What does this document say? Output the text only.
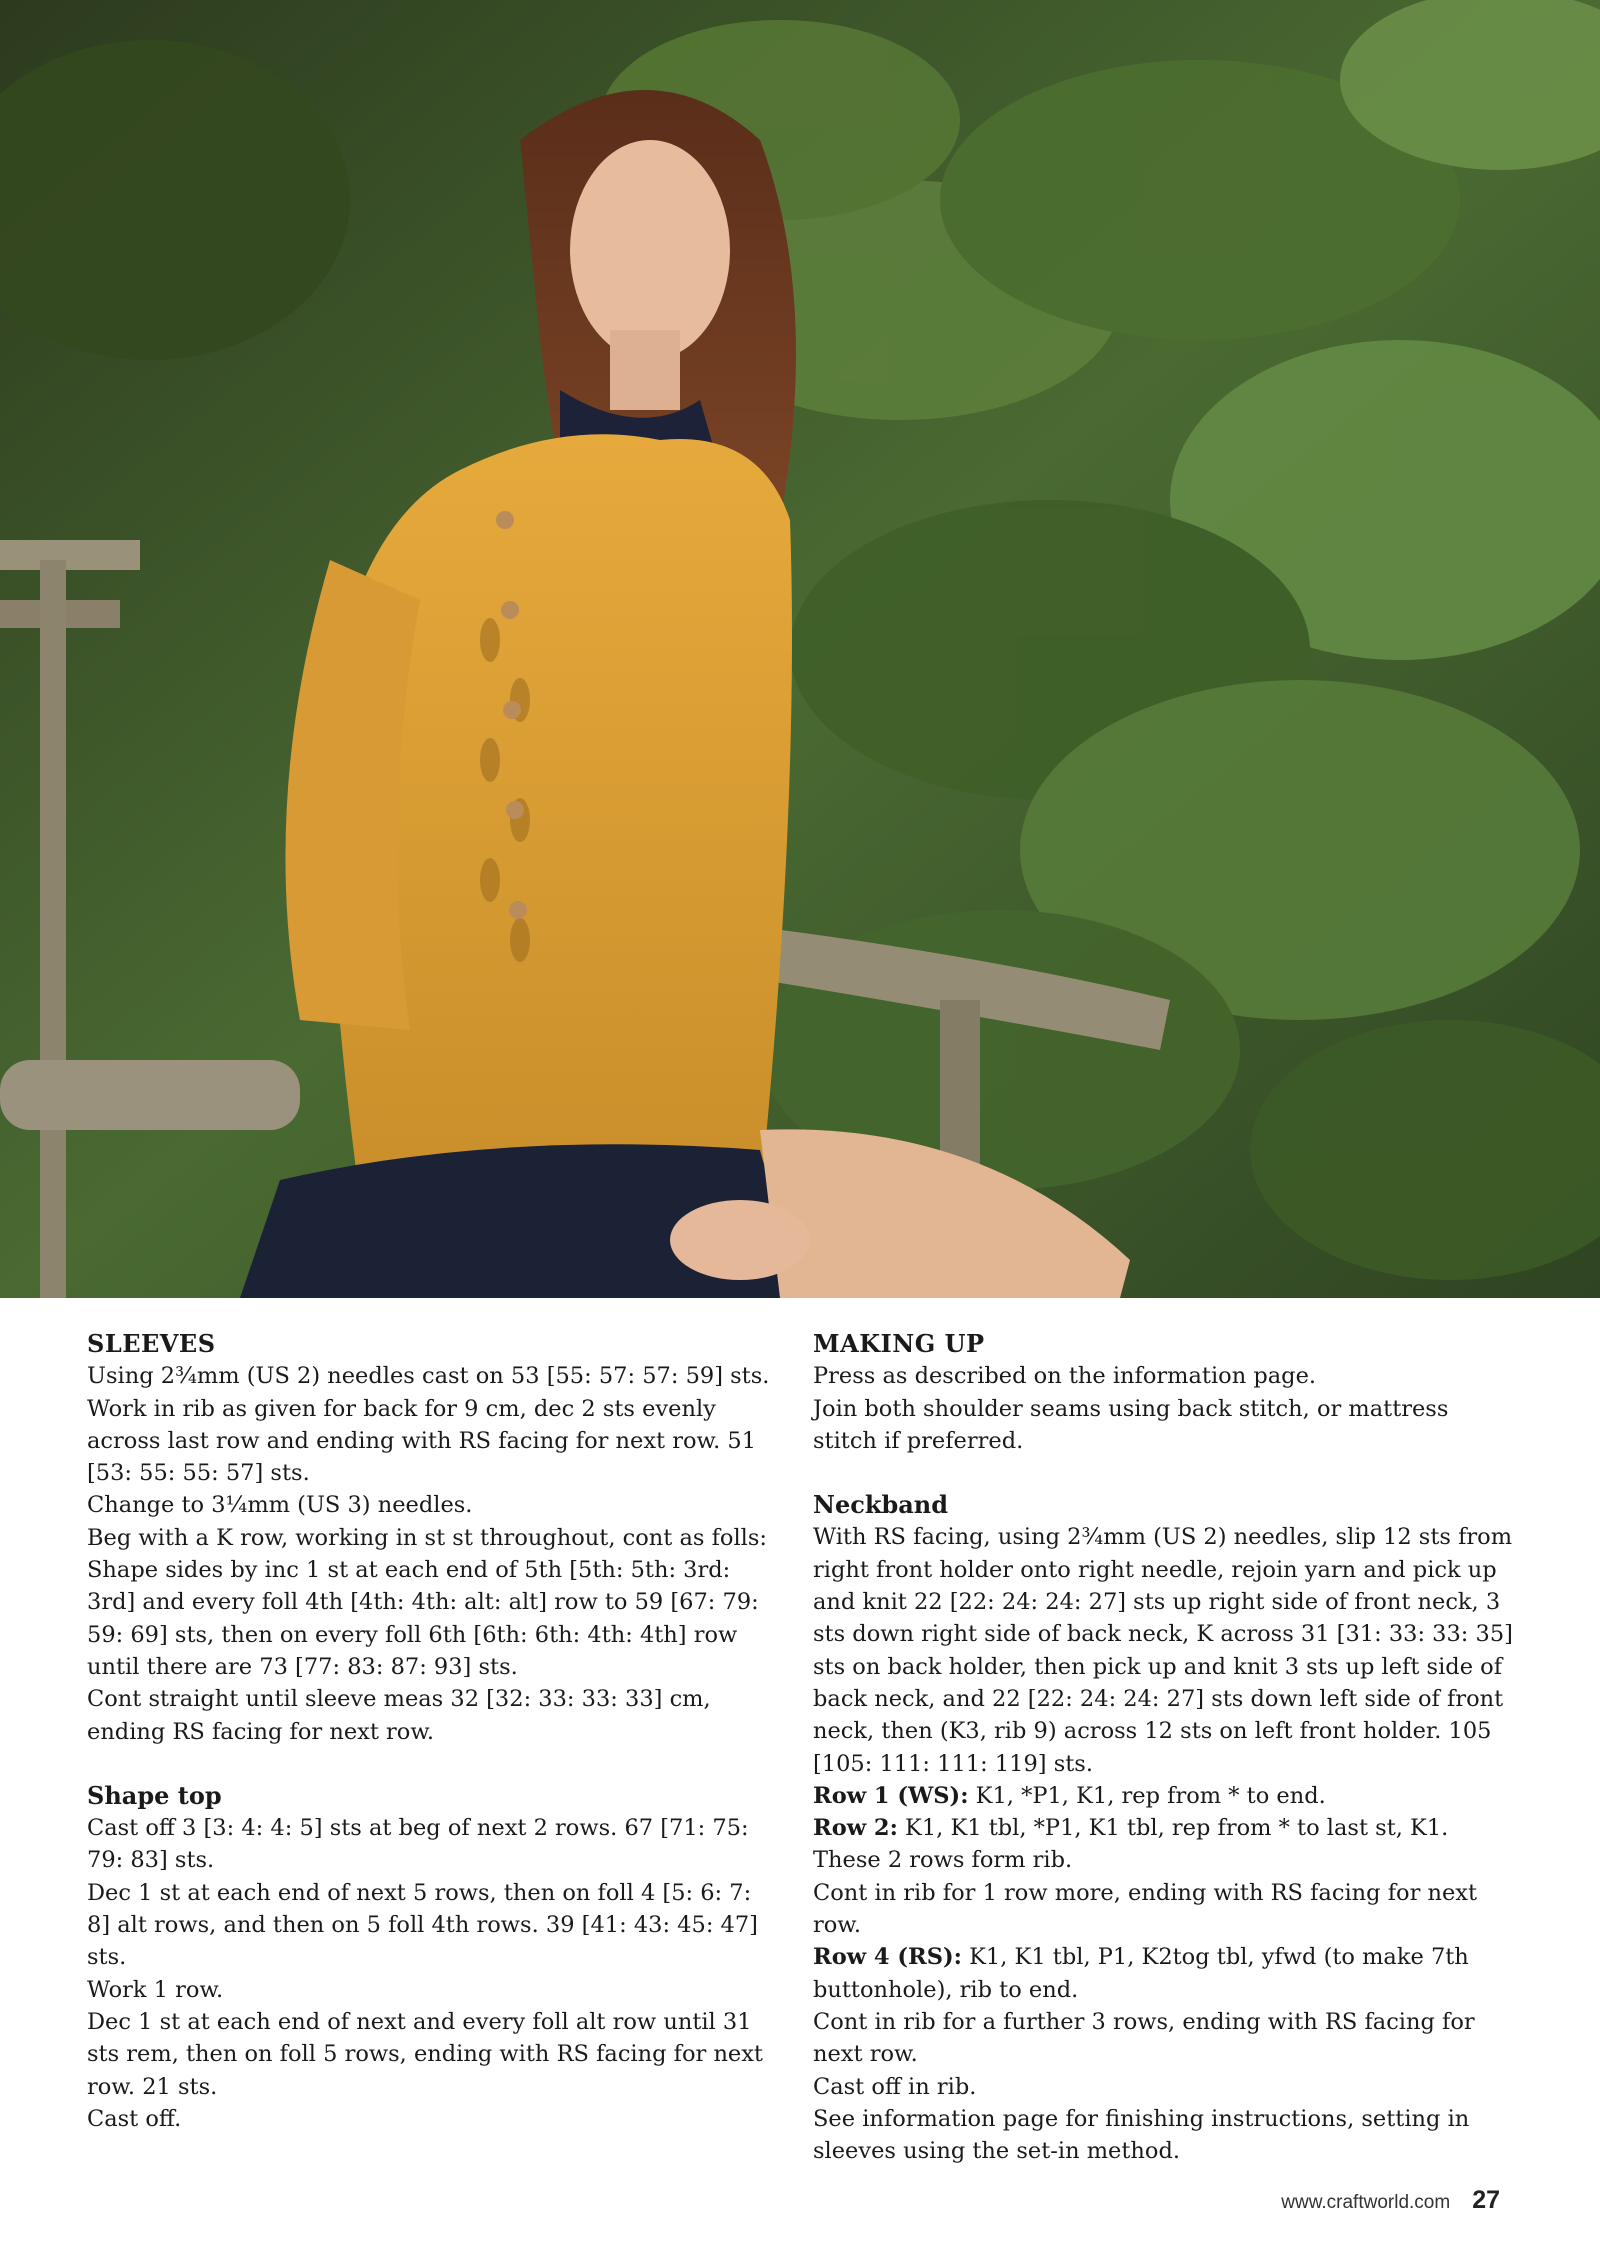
SLEEVES

Using 2¾mm (US 2) needles cast on 53 [55: 57: 57: 59] sts.

Work in rib as given for back for 9 cm, dec 2 sts evenly across last row and ending with RS facing for next row. 51 [53: 55: 55: 57] sts.

Change to 3¼mm (US 3) needles.

Beg with a K row, working in st st throughout, cont as folls:

Shape sides by inc 1 st at each end of 5th [5th: 5th: 3rd: 3rd] and every foll 4th [4th: 4th: alt: alt] row to 59 [67: 79: 59: 69] sts, then on every foll 6th [6th: 6th: 4th: 4th] row until there are 73 [77: 83: 87: 93] sts.

Cont straight until sleeve meas 32 [32: 33: 33: 33] cm, ending RS facing for next row.

Shape top

Cast off 3 [3: 4: 4: 5] sts at beg of next 2 rows. 67 [71: 75: 79: 83] sts.

Dec 1 st at each end of next 5 rows, then on foll 4 [5: 6: 7: 8] alt rows, and then on 5 foll 4th rows. 39 [41: 43: 45: 47] sts.

Work 1 row.

Dec 1 st at each end of next and every foll alt row until 31 sts rem, then on foll 5 rows, ending with RS facing for next row. 21 sts.

Cast off.

MAKING UP

Press as described on the information page.

Join both shoulder seams using back stitch, or mattress stitch if preferred.

Neckband

With RS facing, using 2¾mm (US 2) needles, slip 12 sts from right front holder onto right needle, rejoin yarn and pick up and knit 22 [22: 24: 24: 27] sts up right side of front neck, 3 sts down right side of back neck, K across 31 [31: 33: 33: 35] sts on back holder, then pick up and knit 3 sts up left side of back neck, and 22 [22: 24: 24: 27] sts down left side of front neck, then (K3, rib 9) across 12 sts on left front holder. 105 [105: 111: 111: 119] sts.

Row 1 (WS): K1, *P1, K1, rep from * to end.

Row 2: K1, K1 tbl, *P1, K1 tbl, rep from * to last st, K1.

These 2 rows form rib.

Cont in rib for 1 row more, ending with RS facing for next row.

Row 4 (RS): K1, K1 tbl, P1, K2tog tbl, yfwd (to make 7th buttonhole), rib to end.

Cont in rib for a further 3 rows, ending with RS facing for next row.

Cast off in rib.

See information page for finishing instructions, setting in sleeves using the set-in method.

www.craftworld.com 27
